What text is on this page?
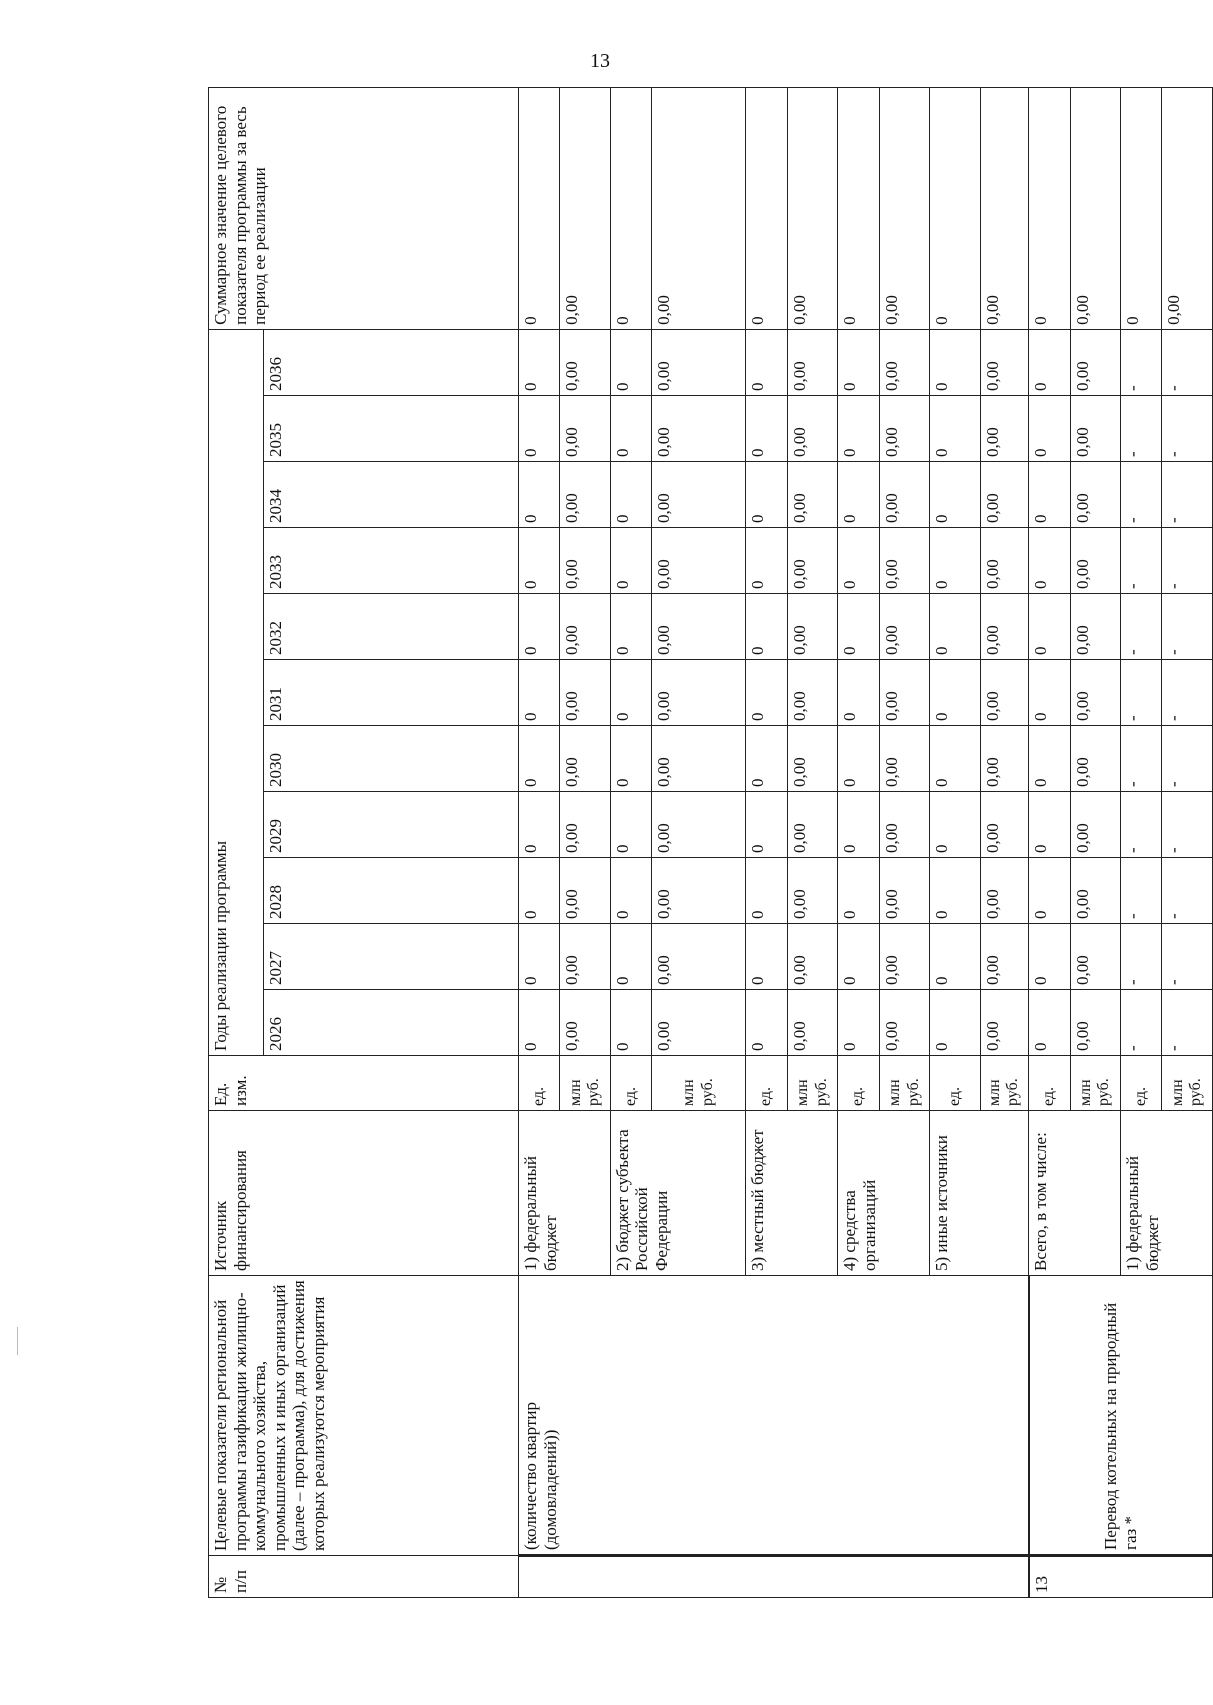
13
№ п/п	Целевые показатели региональной программы газификации жилищно-коммунального хозяйства, промышленных и иных организаций (далее – программа), для достижения которых реализуются мероприятия	Источник финансирования	Ед. изм.	Годы реализации программы											Суммарное значение целевого показателя программы за весь период ее реализации
				2026	2027	2028	2029	2030	2031	2032	2033	2034	2035	2036	
	(количество квартир (домовладений))	1) федеральный бюджет	ед.	0	0	0	0	0	0	0	0	0	0	0	0
			млн руб.	0,00	0,00	0,00	0,00	0,00	0,00	0,00	0,00	0,00	0,00	0,00	0,00
		2) бюджет субъекта Российской Федерации	ед.	0	0	0	0	0	0	0	0	0	0	0	0
			млн руб.	0,00	0,00	0,00	0,00	0,00	0,00	0,00	0,00	0,00	0,00	0,00	0,00
		3) местный бюджет	ед.	0	0	0	0	0	0	0	0	0	0	0	0
			млн руб.	0,00	0,00	0,00	0,00	0,00	0,00	0,00	0,00	0,00	0,00	0,00	0,00
		4) средства организаций	ед.	0	0	0	0	0	0	0	0	0	0	0	0
			млн руб.	0,00	0,00	0,00	0,00	0,00	0,00	0,00	0,00	0,00	0,00	0,00	0,00
		5) иные источники	ед.	0	0	0	0	0	0	0	0	0	0	0	0
			млн руб.	0,00	0,00	0,00	0,00	0,00	0,00	0,00	0,00	0,00	0,00	0,00	0,00
13	Перевод котельных на природный газ *	Всего, в том числе:	ед.	0	0	0	0	0	0	0	0	0	0	0	0
			млн руб.	0,00	0,00	0,00	0,00	0,00	0,00	0,00	0,00	0,00	0,00	0,00	0,00
		1) федеральный бюджет	ед.	-	-	-	-	-	-	-	-	-	-	-	0
			млн руб.	-	-	-	-	-	-	-	-	-	-	-	0,00
